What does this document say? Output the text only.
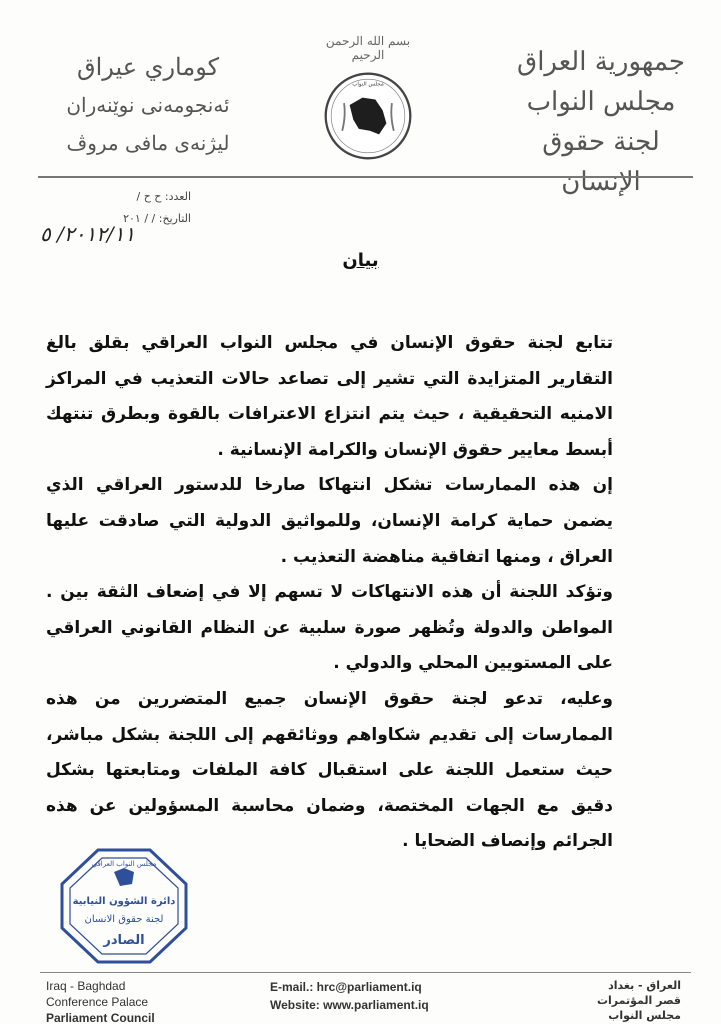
جمهورية العراق
مجلس النواب
لجنة حقوق الإنسان
بسم الله الرحمن الرحيم
مجلس النواب
كوماري عيراق
ئه‌نجومه‌نى نوێنه‌ران
ليژنه‌ى مافى مروڤ
العدد: ح ح /
التاريخ: / / ٢٠١
٢٠١٢/١١/ ٥
بيان

تتابع لجنة حقوق الإنسان في مجلس النواب العراقي بقلق بالغ التقارير المتزايدة التي تشير إلى تصاعد حالات التعذيب في المراكز الامنيه التحقيقية ، حيث يتم انتزاع الاعترافات بالقوة وبطرق تنتهك أبسط معايير حقوق الإنسان والكرامة الإنسانية .

إن هذه الممارسات تشكل انتهاكا صارخا للدستور العراقي الذي يضمن حماية كرامة الإنسان، وللمواثيق الدولية التي صادقت عليها العراق ، ومنها اتفاقية مناهضة التعذيب .

وتؤكد اللجنة أن هذه الانتهاكات لا تسهم إلا في إضعاف الثقة بين . المواطن والدولة وتُظهر صورة سلبية عن النظام القانوني العراقي على المستويين المحلي والدولي .

وعليه، تدعو لجنة حقوق الإنسان جميع المتضررين من هذه الممارسات إلى تقديم شكاواهم ووثائقهم إلى اللجنة بشكل مباشر، حيث ستعمل اللجنة على استقبال كافة الملفات ومتابعتها بشكل دقيق مع الجهات المختصة، وضمان محاسبة المسؤولين عن هذه الجرائم وإنصاف الضحايا .

مجلس النواب العراقي
دائرة الشؤون النيابية
لجنة حقوق الانسان
الصادر
Iraq - Baghdad
Conference Palace
Parliament Council
E-mail.: hrc@parliament.iq
Website: www.parliament.iq
العراق - بغداد
قصر المؤتمرات
مجلس النواب
